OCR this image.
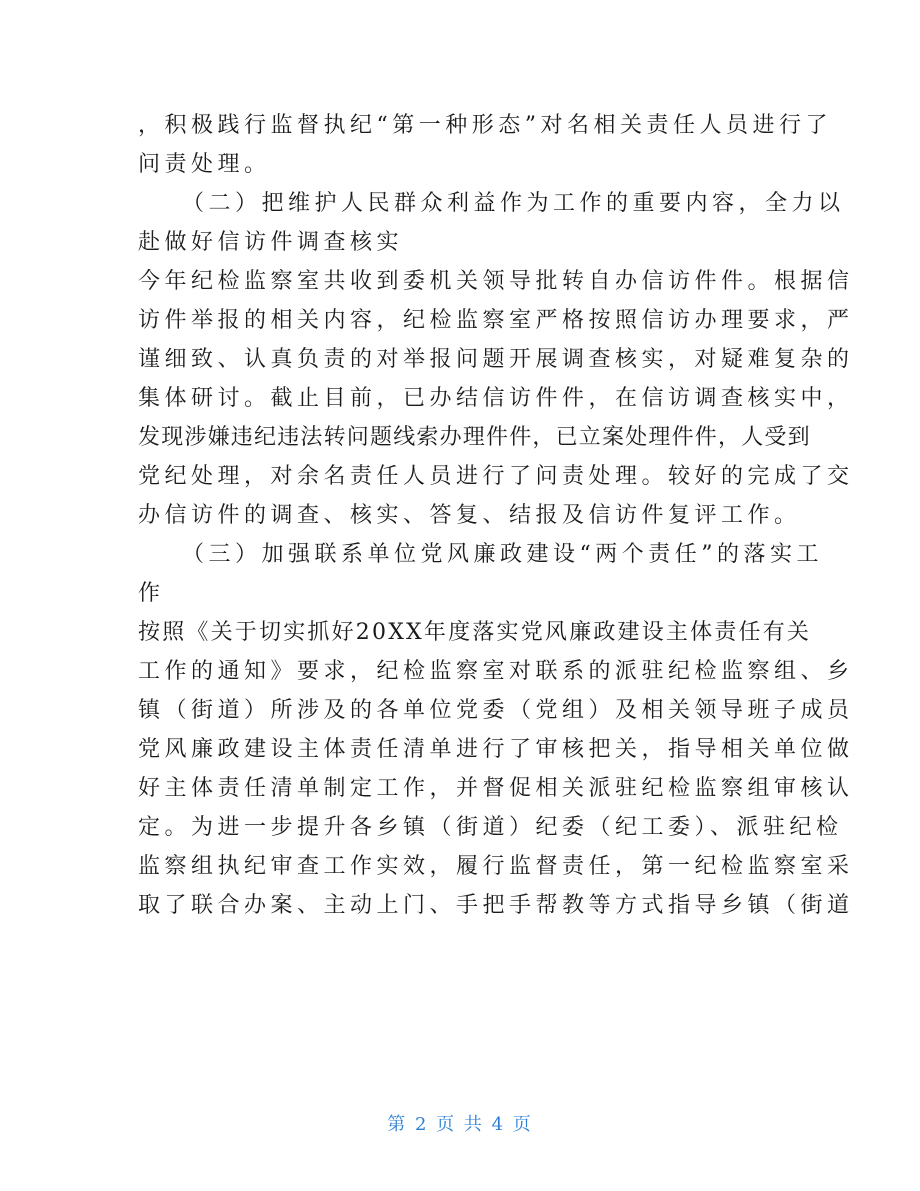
，积极践行监督执纪“第一种形态”对名相关责任人员进行了
问责处理。
（二）把维护人民群众利益作为工作的重要内容，全力以
赴做好信访件调查核实
今年纪检监察室共收到委机关领导批转自办信访件件。根据信
访件举报的相关内容，纪检监察室严格按照信访办理要求，严
谨细致、认真负责的对举报问题开展调查核实，对疑难复杂的
集体研讨。截止目前，已办结信访件件，在信访调查核实中，
发现涉嫌违纪违法转问题线索办理件件，已立案处理件件，人受到
党纪处理，对余名责任人员进行了问责处理。较好的完成了交
办信访件的调查、核实、答复、结报及信访件复评工作。
（三）加强联系单位党风廉政建设“两个责任”的落实工
作
按照《关于切实抓好20XX年度落实党风廉政建设主体责任有关
工作的通知》要求，纪检监察室对联系的派驻纪检监察组、乡
镇（街道）所涉及的各单位党委（党组）及相关领导班子成员
党风廉政建设主体责任清单进行了审核把关，指导相关单位做
好主体责任清单制定工作，并督促相关派驻纪检监察组审核认
定。为进一步提升各乡镇（街道）纪委（纪工委）、派驻纪检
监察组执纪审查工作实效，履行监督责任，第一纪检监察室采
取了联合办案、主动上门、手把手帮教等方式指导乡镇（街道
第 2 页 共 4 页
